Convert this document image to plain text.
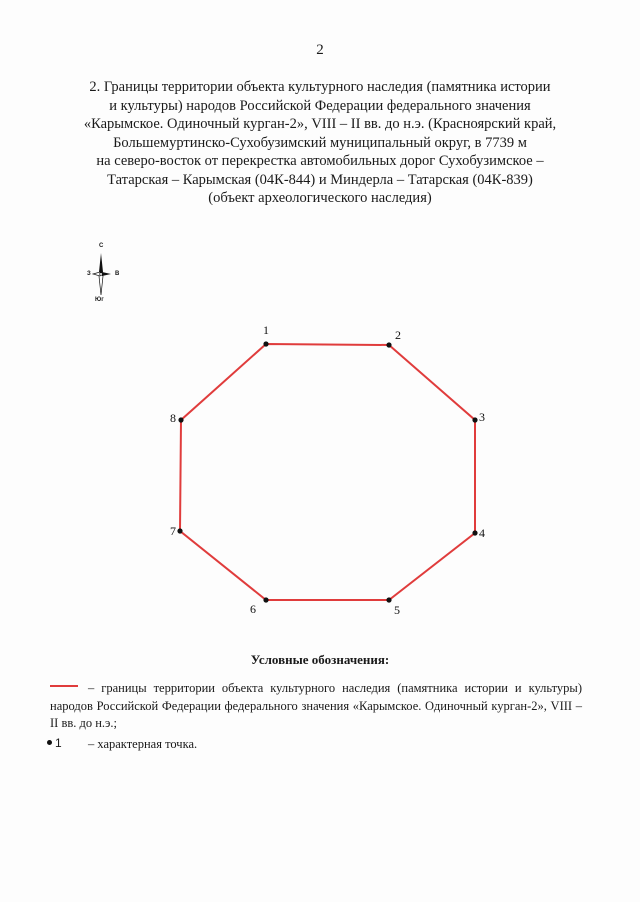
2
2. Границы территории объекта культурного наследия (памятника истории
и культуры) народов Российской Федерации федерального значения
«Карымское. Одиночный курган-2», VIII – II вв. до н.э. (Красноярский край,
Большемуртинско-Сухобузимский муниципальный округ, в 7739 м
на северо-восток от перекрестка автомобильных дорог Сухобузимское –
Татарская – Карымская (04К-844) и Миндерла – Татарская (04К-839)
(объект археологического наследия)
С
З	В
Юг
1	2
3
4
5
6
7
8
Условные обозначения:
– границы территории объекта культурного наследия (памятника истории и культуры) народов Российской Федерации федерального значения «Карымское. Одиночный курган-2», VIII – II вв. до н.э.;
1 – характерная точка.
